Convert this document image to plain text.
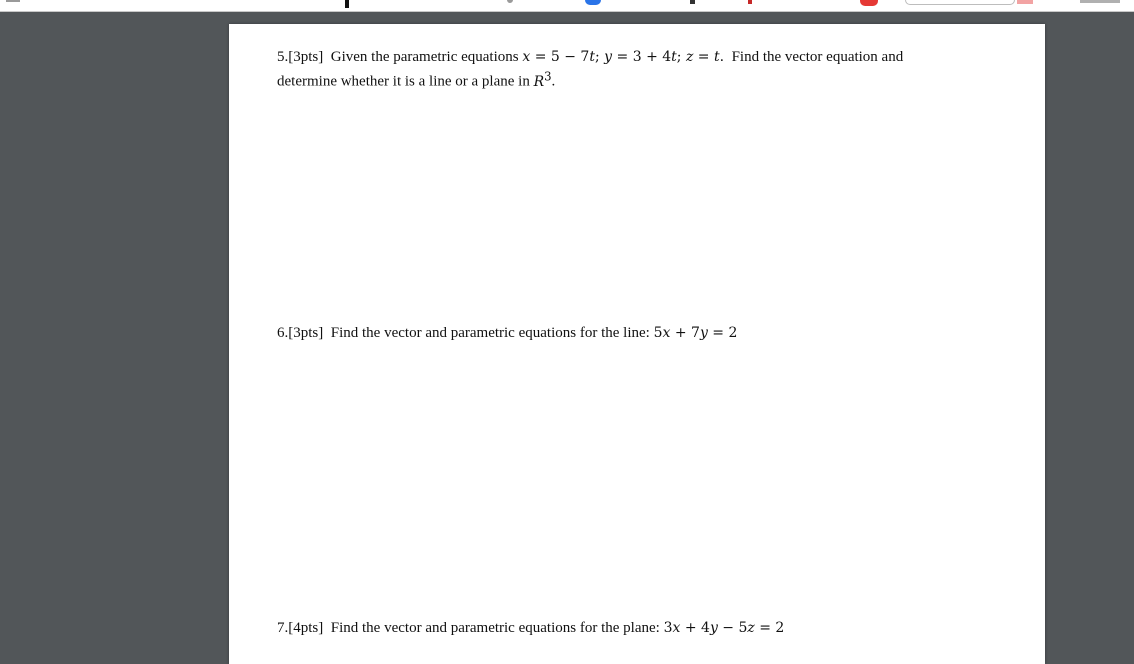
5.[3pts] Given the parametric equations x = 5 − 7t; y = 3 + 4t; z = t. Find the vector equation and determine whether it is a line or a plane in $R^3$.

6.[3pts] Find the vector and parametric equations for the line: 5x + 7y = 2

7.[4pts] Find the vector and parametric equations for the plane: 3x + 4y − 5z = 2
